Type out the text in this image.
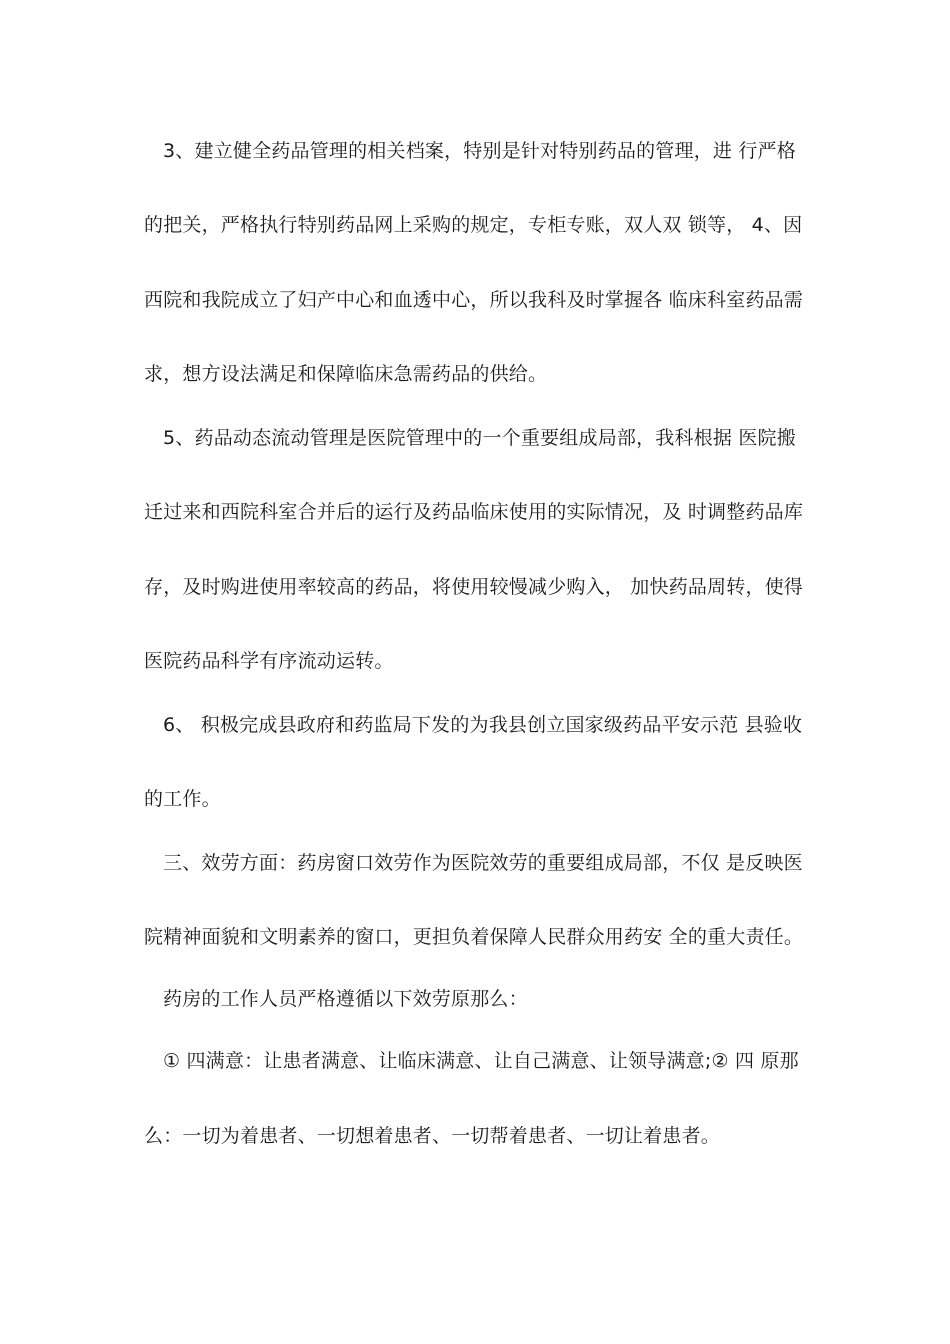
3、建立健全药品管理的相关档案，特别是针对特别药品的管理，进 行严格
的把关，严格执行特别药品网上采购的规定，专柜专账，双人双 锁等， 4、因
西院和我院成立了妇产中心和血透中心，所以我科及时掌握各 临床科室药品需
求，想方设法满足和保障临床急需药品的供给。
5、药品动态流动管理是医院管理中的一个重要组成局部，我科根据 医院搬
迁过来和西院科室合并后的运行及药品临床使用的实际情况，及 时调整药品库
存，及时购进使用率较高的药品，将使用较慢减少购入， 加快药品周转，使得
医院药品科学有序流动运转。
6、 积极完成县政府和药监局下发的为我县创立国家级药品平安示范 县验收
的工作。
三、效劳方面：药房窗口效劳作为医院效劳的重要组成局部，不仅 是反映医
院精神面貌和文明素养的窗口，更担负着保障人民群众用药安 全的重大责任。
药房的工作人员严格遵循以下效劳原那么：
① 四满意：让患者满意、让临床满意、让自己满意、让领导满意;② 四 原那
么：一切为着患者、一切想着患者、一切帮着患者、一切让着患者。
